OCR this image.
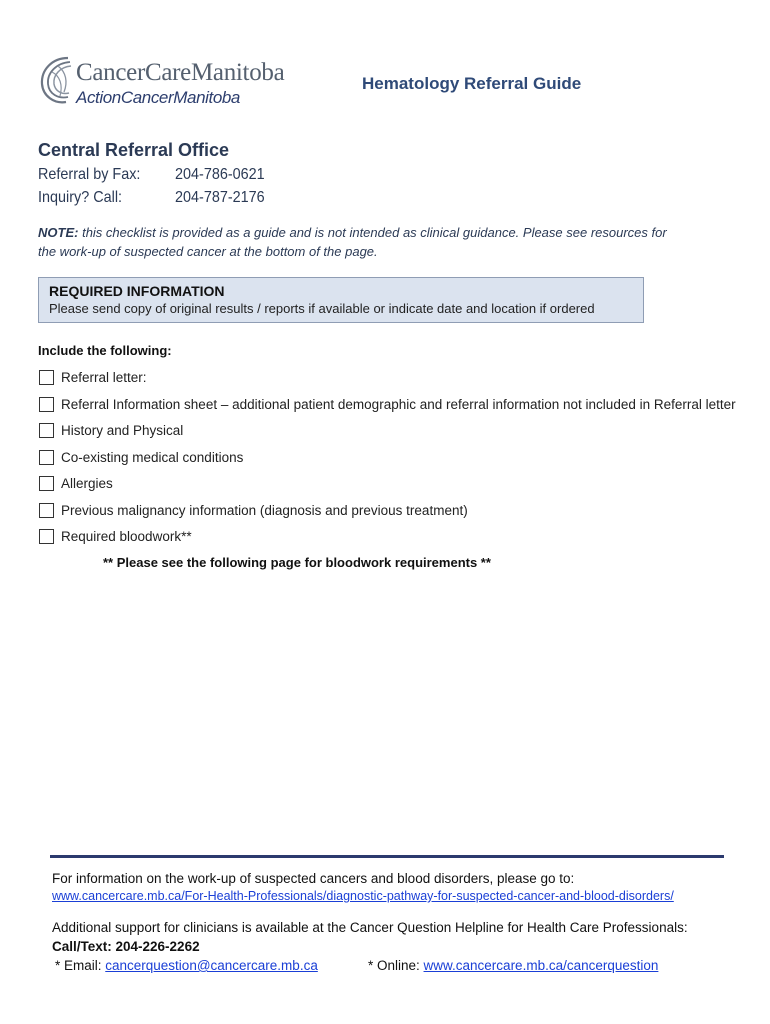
CancerCareManitoba
ActionCancerManitoba
Hematology Referral Guide
Central Referral Office
Referral by Fax: 204-786-0621
Inquiry? Call:	204-787-2176
NOTE: this checklist is provided as a guide and is not intended as clinical guidance. Please see resources for the work-up of suspected cancer at the bottom of the page.
REQUIRED INFORMATION
Please send copy of original results / reports if available or indicate date and location if ordered
Include the following:
Referral letter:
Referral Information sheet – additional patient demographic and referral information not included in Referral letter
History and Physical
Co-existing medical conditions
Allergies
Previous malignancy information (diagnosis and previous treatment)
Required bloodwork**
** Please see the following page for bloodwork requirements **
For information on the work-up of suspected cancers and blood disorders, please go to:
www.cancercare.mb.ca/For-Health-Professionals/diagnostic-pathway-for-suspected-cancer-and-blood-disorders/
Additional support for clinicians is available at the Cancer Question Helpline for Health Care Professionals:
Call/Text: 204-226-2262
* Email: cancerquestion@cancercare.mb.ca	* Online: www.cancercare.mb.ca/cancerquestion
